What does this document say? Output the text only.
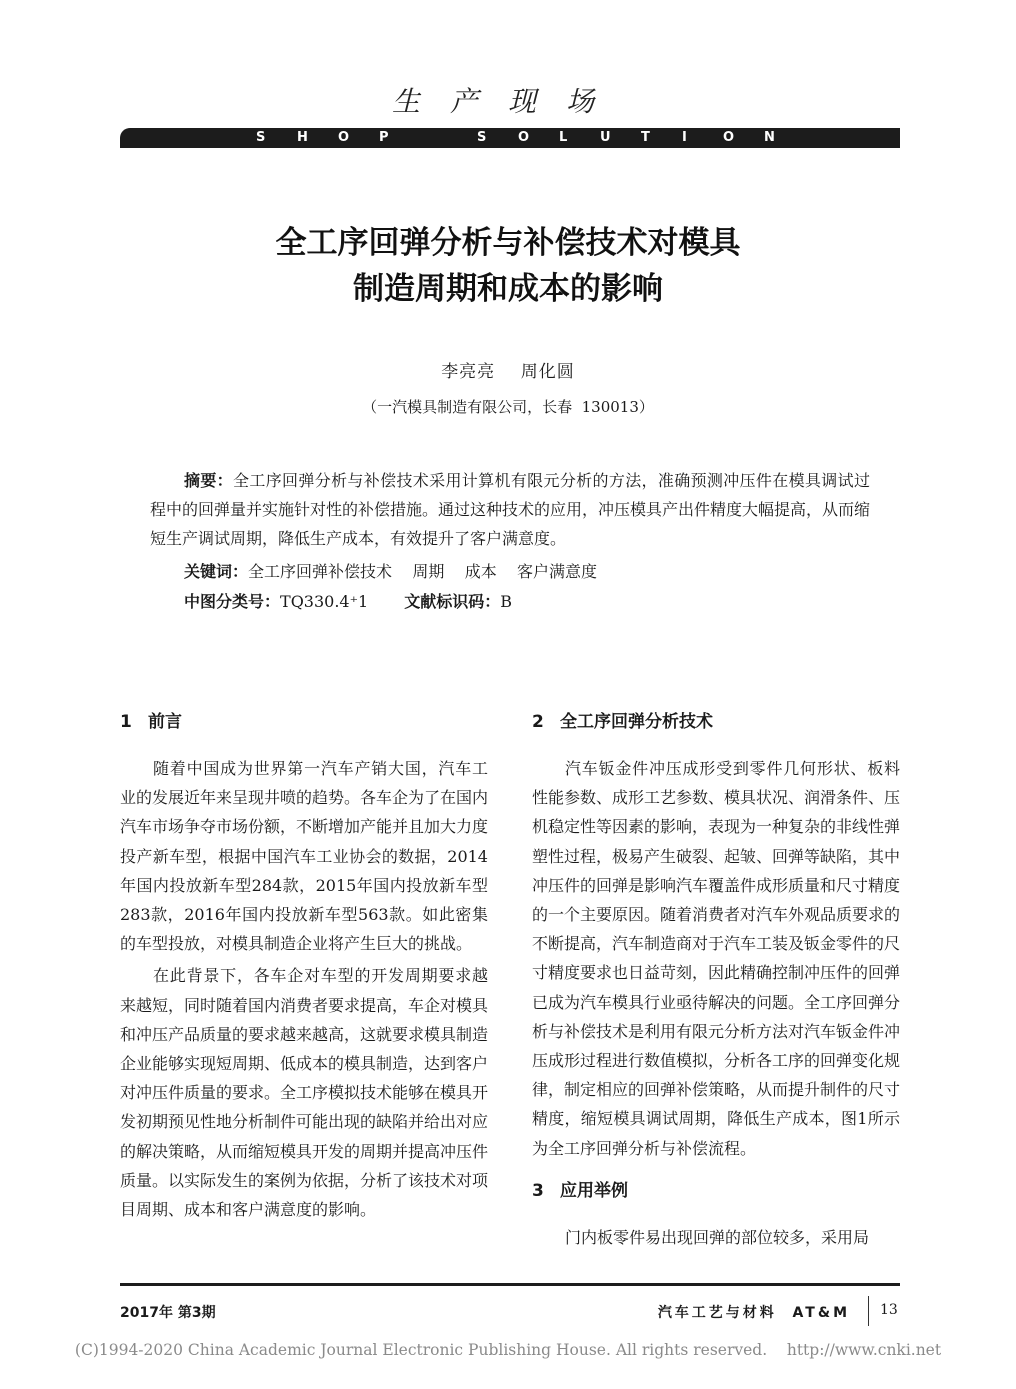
生产现场
S H O P	S O L	U T I	O N
全工序回弹分析与补偿技术对模具
制造周期和成本的影响
李亮亮    周化圆
（一汽模具制造有限公司，长春  130013）
摘要：全工序回弹分析与补偿技术采用计算机有限元分析的方法，准确预测冲压件在模具调试过程中的回弹量并实施针对性的补偿措施。通过这种技术的应用，冲压模具产出件精度大幅提高，从而缩短生产调试周期，降低生产成本，有效提升了客户满意度。
关键词：全工序回弹补偿技术    周期    成本    客户满意度
中图分类号：TQ330.4⁺1 文献标识码：B
1 前言

随着中国成为世界第一汽车产销大国，汽车工业的发展近年来呈现井喷的趋势。各车企为了在国内汽车市场争夺市场份额，不断增加产能并且加大力度投产新车型，根据中国汽车工业协会的数据，2014年国内投放新车型284款，2015年国内投放新车型283款，2016年国内投放新车型563款。如此密集的车型投放，对模具制造企业将产生巨大的挑战。

在此背景下，各车企对车型的开发周期要求越来越短，同时随着国内消费者要求提高，车企对模具和冲压产品质量的要求越来越高，这就要求模具制造企业能够实现短周期、低成本的模具制造，达到客户对冲压件质量的要求。全工序模拟技术能够在模具开发初期预见性地分析制件可能出现的缺陷并给出对应的解决策略，从而缩短模具开发的周期并提高冲压件质量。以实际发生的案例为依据，分析了该技术对项目周期、成本和客户满意度的影响。

2 全工序回弹分析技术

汽车钣金件冲压成形受到零件几何形状、板料性能参数、成形工艺参数、模具状况、润滑条件、压机稳定性等因素的影响，表现为一种复杂的非线性弹塑性过程，极易产生破裂、起皱、回弹等缺陷，其中冲压件的回弹是影响汽车覆盖件成形质量和尺寸精度的一个主要原因。随着消费者对汽车外观品质要求的不断提高，汽车制造商对于汽车工装及钣金零件的尺寸精度要求也日益苛刻，因此精确控制冲压件的回弹已成为汽车模具行业亟待解决的问题。全工序回弹分析与补偿技术是利用有限元分析方法对汽车钣金件冲压成形过程进行数值模拟，分析各工序的回弹变化规律，制定相应的回弹补偿策略，从而提升制件的尺寸精度，缩短模具调试周期，降低生产成本，图1所示为全工序回弹分析与补偿流程。

3 应用举例

门内板零件易出现回弹的部位较多，采用局

2017年 第3期	汽车工艺与材料  AT&M 13
(C)1994-2020 China Academic Journal Electronic Publishing House. All rights reserved.    http://www.cnki.net
